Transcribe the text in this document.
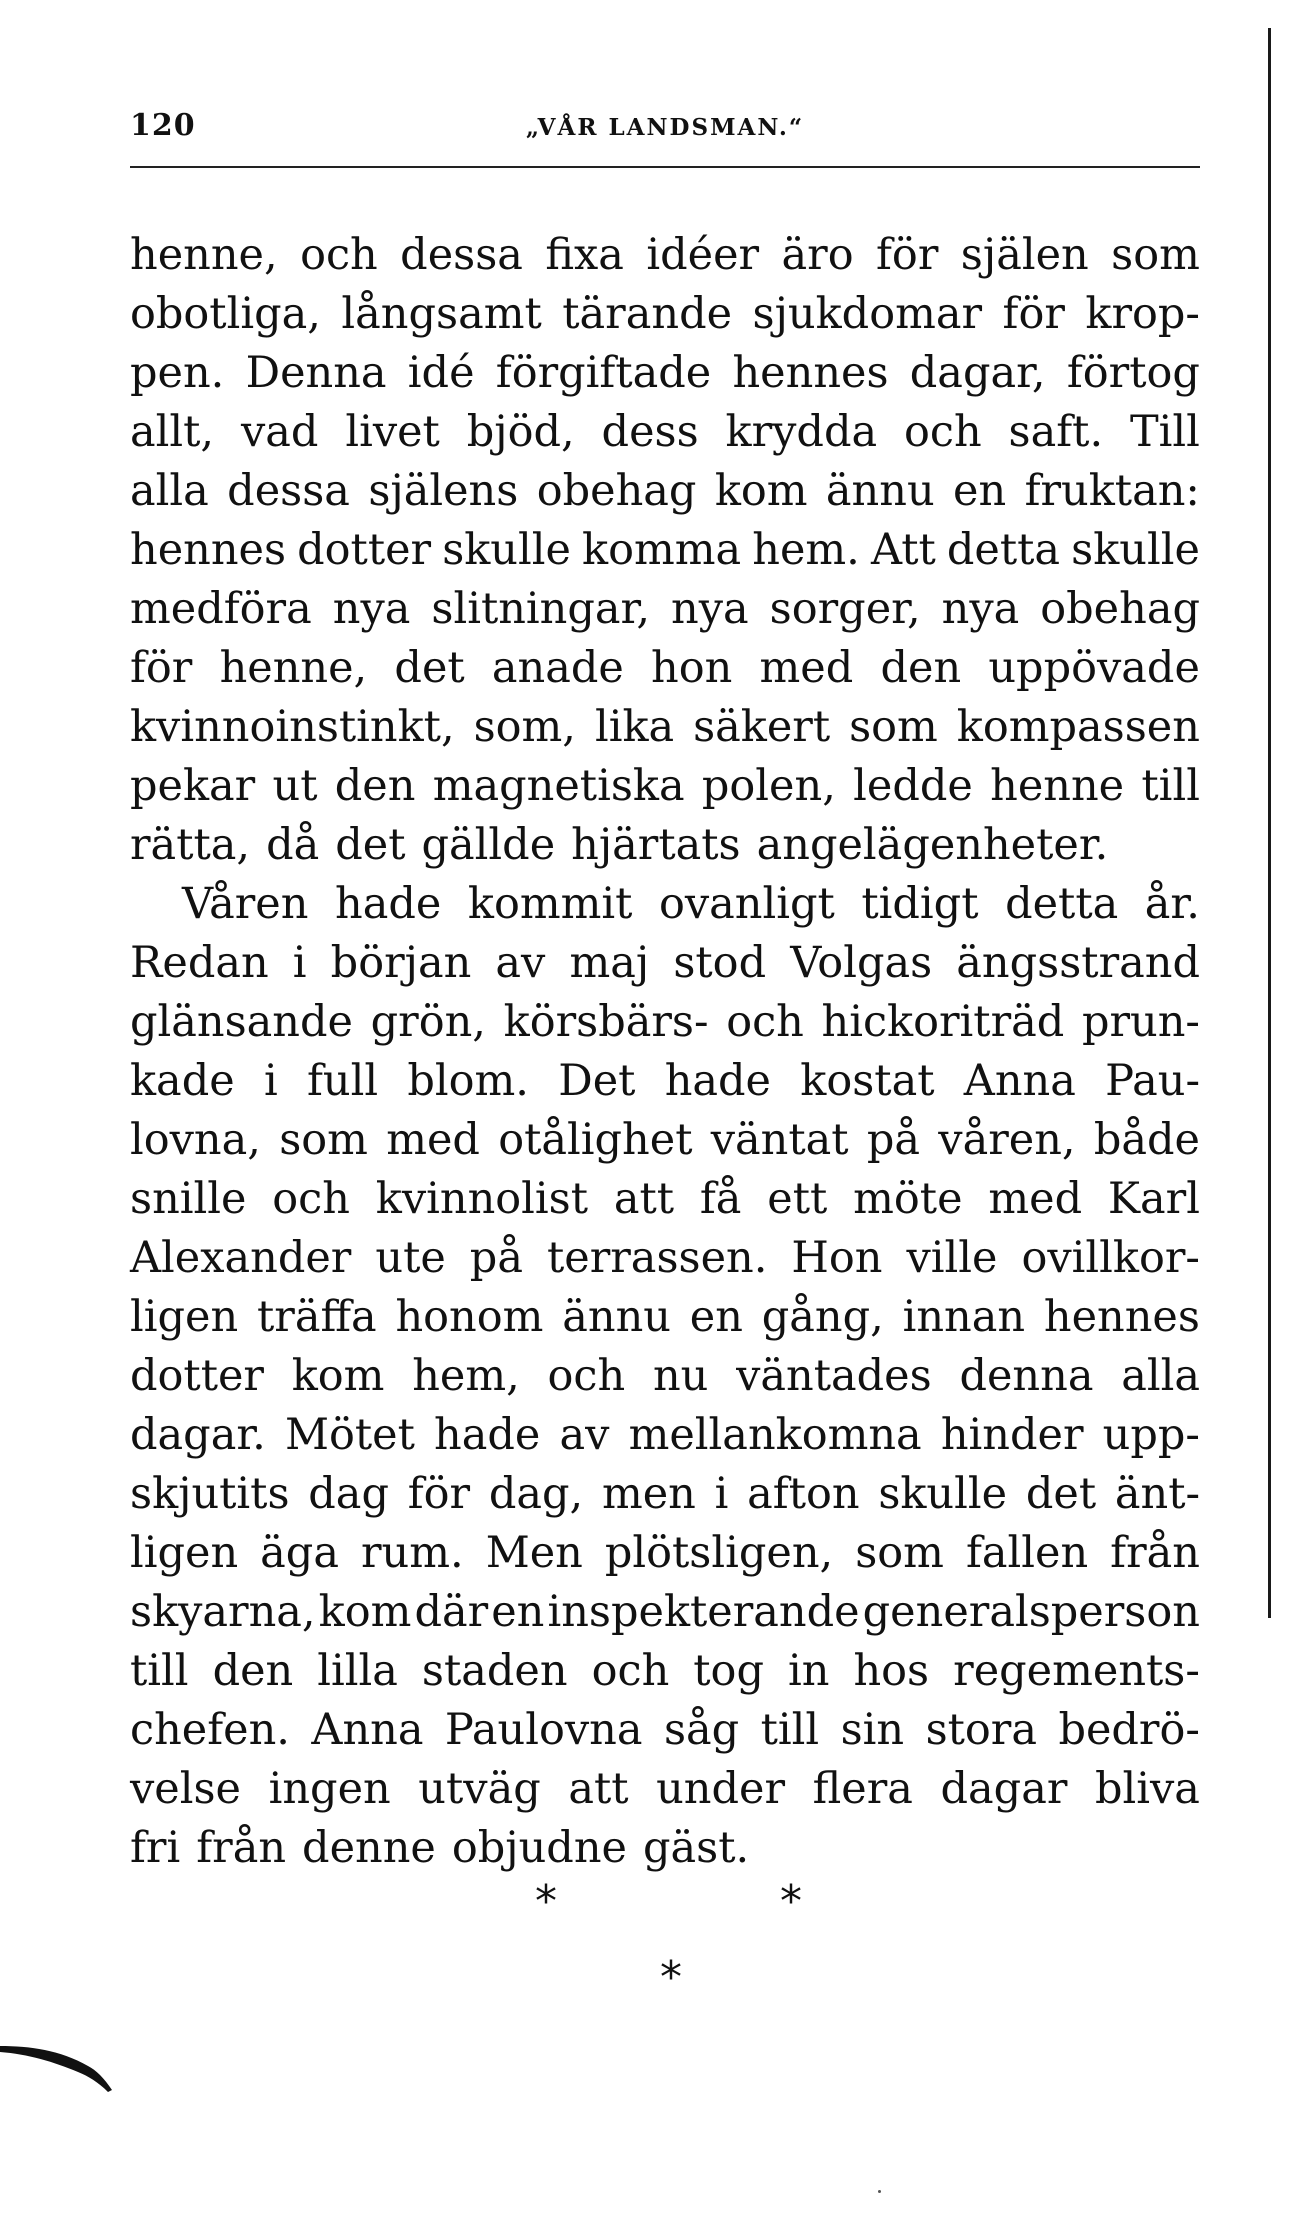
120	„VÅR LANDSMAN.“
henne, och dessa fixa idéer äro för själen som
obotliga, långsamt tärande sjukdomar för krop-
pen. Denna idé förgiftade hennes dagar, förtog
allt, vad livet bjöd, dess krydda och saft. Till
alla dessa själens obehag kom ännu en fruktan:
hennes dotter skulle komma hem. Att detta skulle
medföra nya slitningar, nya sorger, nya obehag
för henne, det anade hon med den uppövade
kvinnoinstinkt, som, lika säkert som kompassen
pekar ut den magnetiska polen, ledde henne till
rätta, då det gällde hjärtats angelägenheter.
Våren hade kommit ovanligt tidigt detta år.
Redan i början av maj stod Volgas ängsstrand
glänsande grön, körsbärs- och hickoriträd prun-
kade i full blom. Det hade kostat Anna Pau-
lovna, som med otålighet väntat på våren, både
snille och kvinnolist att få ett möte med Karl
Alexander ute på terrassen. Hon ville ovillkor-
ligen träffa honom ännu en gång, innan hennes
dotter kom hem, och nu väntades denna alla
dagar. Mötet hade av mellankomna hinder upp-
skjutits dag för dag, men i afton skulle det änt-
ligen äga rum. Men plötsligen, som fallen från
skyarna, kom där en inspekterande generalsperson
till den lilla staden och tog in hos regements-
chefen. Anna Paulovna såg till sin stora bedrö-
velse ingen utväg att under flera dagar bliva
fri från denne objudne gäst.
*	*
*
